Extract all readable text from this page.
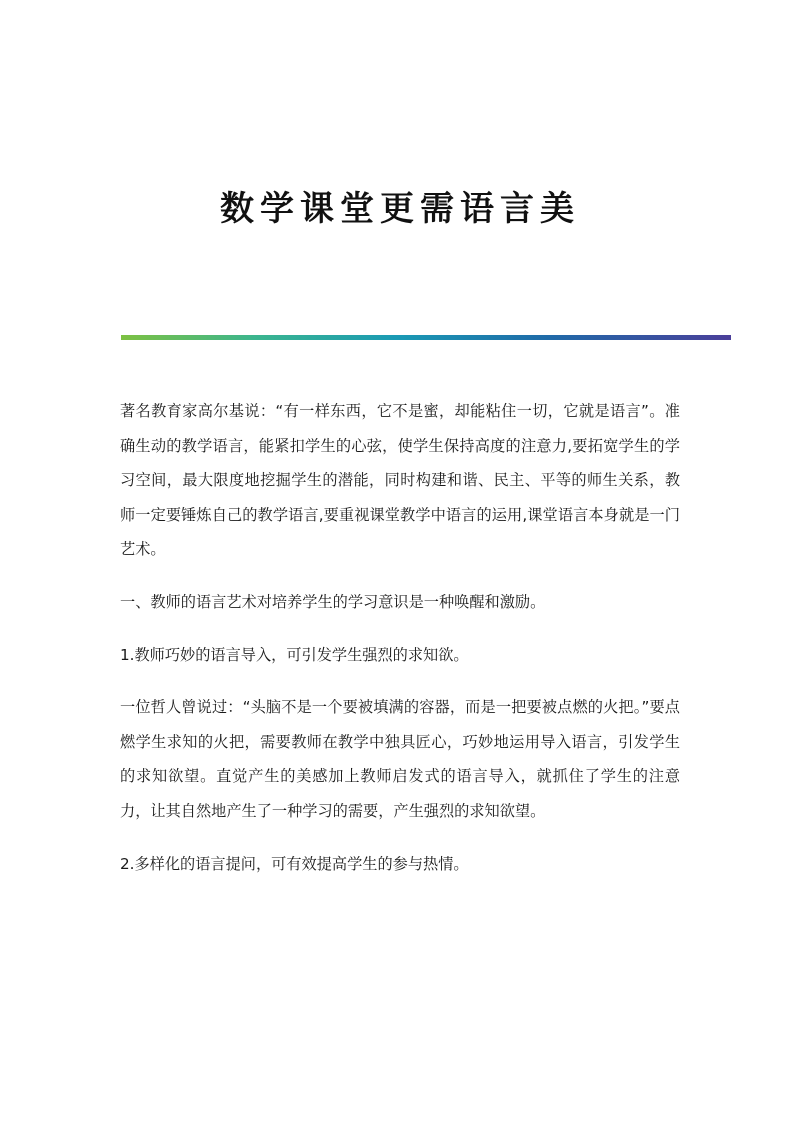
数学课堂更需语言美

著名教育家高尔基说：“有一样东西，它不是蜜，却能粘住一切，它就是语言”。准确生动的教学语言，能紧扣学生的心弦，使学生保持高度的注意力,要拓宽学生的学习空间，最大限度地挖掘学生的潜能，同时构建和谐、民主、平等的师生关系，教师一定要锤炼自己的教学语言,要重视课堂教学中语言的运用,课堂语言本身就是一门艺术。

一、教师的语言艺术对培养学生的学习意识是一种唤醒和激励。

1.教师巧妙的语言导入，可引发学生强烈的求知欲。

一位哲人曾说过：“头脑不是一个要被填满的容器，而是一把要被点燃的火把。”要点燃学生求知的火把，需要教师在教学中独具匠心，巧妙地运用导入语言，引发学生的求知欲望。直觉产生的美感加上教师启发式的语言导入，就抓住了学生的注意力，让其自然地产生了一种学习的需要，产生强烈的求知欲望。

2.多样化的语言提问，可有效提高学生的参与热情。
